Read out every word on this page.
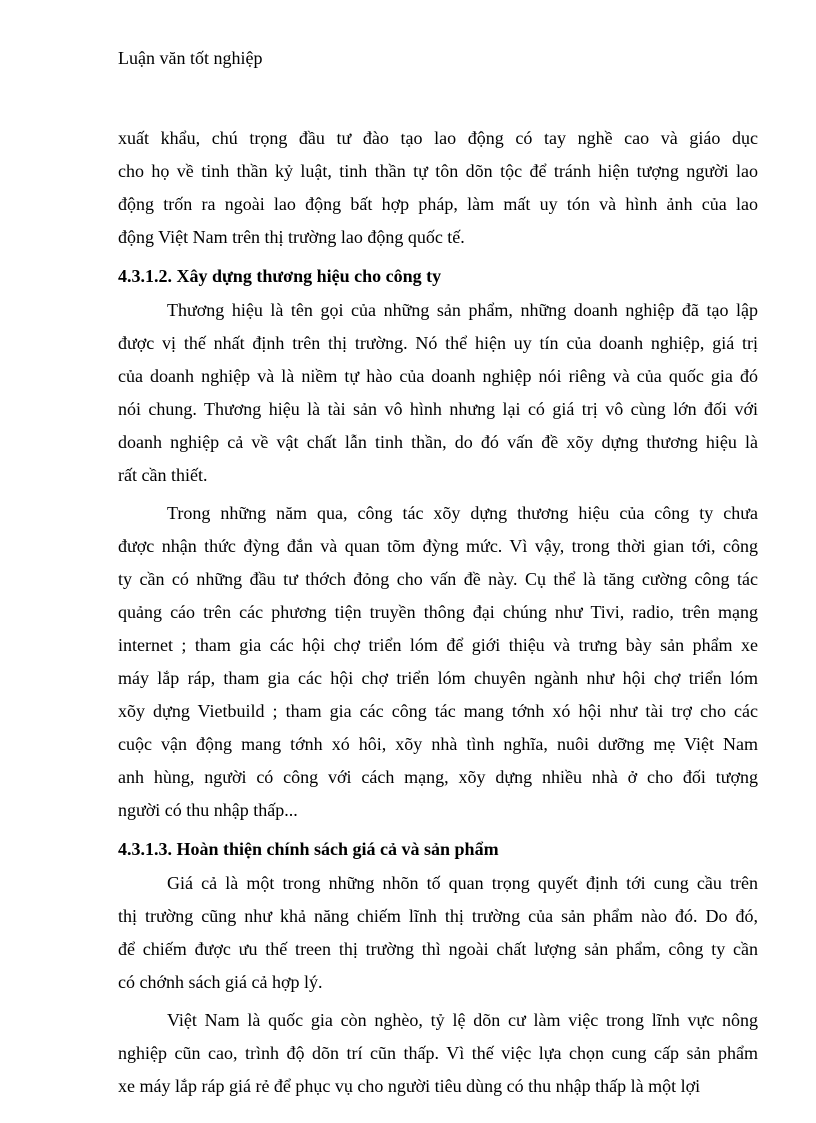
Luận văn tốt nghiệp
xuất khẩu, chú trọng đầu tư đào tạo lao động có tay nghề cao và giáo dục
cho họ về tinh thần kỷ luật, tinh thần tự tôn dõn tộc để tránh hiện tượng người lao
động trốn ra ngoài lao động bất hợp pháp, làm mất uy tón và hình ảnh của lao
động Việt Nam trên thị trường lao động quốc tế.
4.3.1.2. Xây dựng thương hiệu cho công ty
Thương hiệu là tên gọi của những sản phẩm, những doanh nghiệp đã tạo lập
được vị thế nhất định trên thị trường. Nó thể hiện uy tín của doanh nghiệp, giá trị
của doanh nghiệp và là niềm tự hào của doanh nghiệp nói riêng và của quốc gia đó
nói chung. Thương hiệu là tài sản vô hình nhưng lại có giá trị vô cùng lớn đối với
doanh nghiệp cả về vật chất lẫn tinh thần, do đó vấn đề xõy dựng thương hiệu là
rất cần thiết.
Trong những năm qua, công tác xõy dựng thương hiệu của công ty chưa
được nhận thức đỳng đắn và quan tõm đỳng mức. Vì vậy, trong thời gian tới, công
ty cần có những đầu tư thớch đỏng cho vấn đề này. Cụ thể là tăng cường công tác
quảng cáo trên các phương tiện truyền thông đại chúng như Tivi, radio, trên mạng
internet ; tham gia các hội chợ triển lóm để giới thiệu và trưng bày sản phẩm xe
máy lắp ráp, tham gia các hội chợ triển lóm chuyên ngành như hội chợ triển lóm
xõy dựng Vietbuild ; tham gia các công tác mang tớnh xó hội như tài trợ cho các
cuộc vận động mang tớnh xó hôi, xõy nhà tình nghĩa, nuôi dưỡng mẹ Việt Nam
anh hùng, người có công với cách mạng, xõy dựng nhiều nhà ở cho đối tượng
người có thu nhập thấp...
4.3.1.3. Hoàn thiện chính sách giá cả và sản phẩm
Giá cả là một trong những nhõn tố quan trọng quyết định tới cung cầu trên
thị trường cũng như khả năng chiếm lĩnh thị trường của sản phẩm nào đó. Do đó,
để chiếm được ưu thế treen thị trường thì ngoài chất lượng sản phẩm, công ty cần
có chớnh sách giá cả hợp lý.
Việt Nam là quốc gia còn nghèo, tỷ lệ dõn cư làm việc trong lĩnh vực nông
nghiệp cũn cao, trình độ dõn trí cũn thấp. Vì thế việc lựa chọn cung cấp sản phẩm
xe máy lắp ráp giá rẻ để phục vụ cho người tiêu dùng có thu nhập thấp là một lợi
